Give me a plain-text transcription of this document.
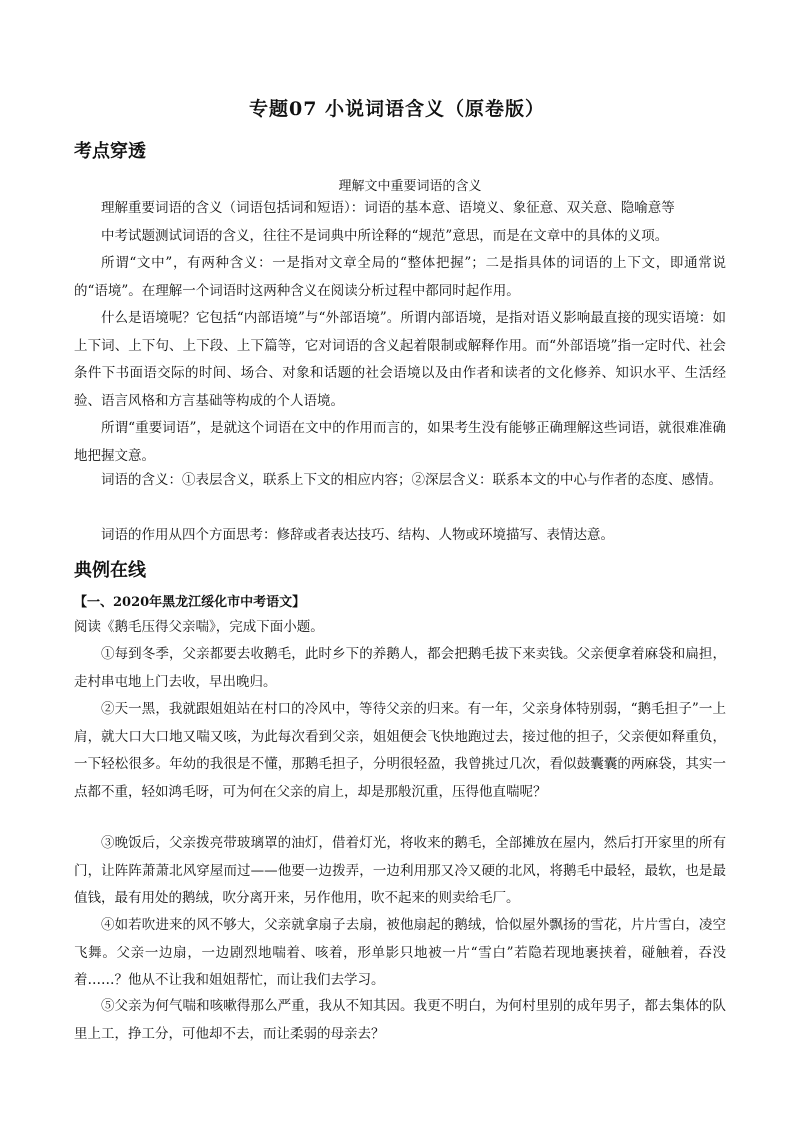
专题07 小说词语含义（原卷版）
考点穿透
理解文中重要词语的含义
理解重要词语的含义（词语包括词和短语）：词语的基本意、语境义、象征意、双关意、隐喻意等
中考试题测试词语的含义，往往不是词典中所诠释的“规范”意思，而是在文章中的具体的义项。
所谓“文中”，有两种含义：一是指对文章全局的“整体把握”；二是指具体的词语的上下文，即通常说的“语境”。在理解一个词语时这两种含义在阅读分析过程中都同时起作用。
什么是语境呢？它包括“内部语境”与“外部语境”。所谓内部语境，是指对语义影响最直接的现实语境：如上下词、上下句、上下段、上下篇等，它对词语的含义起着限制或解释作用。而“外部语境”指一定时代、社会条件下书面语交际的时间、场合、对象和话题的社会语境以及由作者和读者的文化修养、知识水平、生活经验、语言风格和方言基础等构成的个人语境。
所谓“重要词语”，是就这个词语在文中的作用而言的，如果考生没有能够正确理解这些词语，就很难准确地把握文意。
词语的含义：①表层含义，联系上下文的相应内容；②深层含义：联系本文的中心与作者的态度、感情。
词语的作用从四个方面思考：修辞或者表达技巧、结构、人物或环境描写、表情达意。
典例在线
【一、2020年黑龙江绥化市中考语文】
阅读《鹅毛压得父亲喘》，完成下面小题。
①每到冬季，父亲都要去收鹅毛，此时乡下的养鹅人，都会把鹅毛拔下来卖钱。父亲便拿着麻袋和扁担，走村串屯地上门去收，早出晚归。
②天一黑，我就跟姐姐站在村口的冷风中，等待父亲的归来。有一年，父亲身体特别弱，“鹅毛担子”一上肩，就大口大口地又喘又咳，为此每次看到父亲，姐姐便会飞快地跑过去，接过他的担子，父亲便如释重负，一下轻松很多。年幼的我很是不懂，那鹅毛担子，分明很轻盈，我曾挑过几次，看似鼓囊囊的两麻袋，其实一点都不重，轻如鸿毛呀，可为何在父亲的肩上，却是那般沉重，压得他直喘呢？
③晚饭后，父亲拨亮带玻璃罩的油灯，借着灯光，将收来的鹅毛，全部摊放在屋内，然后打开家里的所有门，让阵阵萧萧北风穿屋而过——他要一边拨弄，一边利用那又冷又硬的北风，将鹅毛中最轻，最软，也是最值钱，最有用处的鹅绒，吹分离开来，另作他用，吹不起来的则卖给毛厂。
④如若吹进来的风不够大，父亲就拿扇子去扇，被他扇起的鹅绒，恰似屋外飘扬的雪花，片片雪白，凌空飞舞。父亲一边扇，一边剧烈地喘着、咳着，形单影只地被一片“雪白”若隐若现地裹挟着，碰触着，吞没着……？他从不让我和姐姐帮忙，而让我们去学习。
⑤父亲为何气喘和咳嗽得那么严重，我从不知其因。我更不明白，为何村里别的成年男子，都去集体的队里上工，挣工分，可他却不去，而让柔弱的母亲去？
